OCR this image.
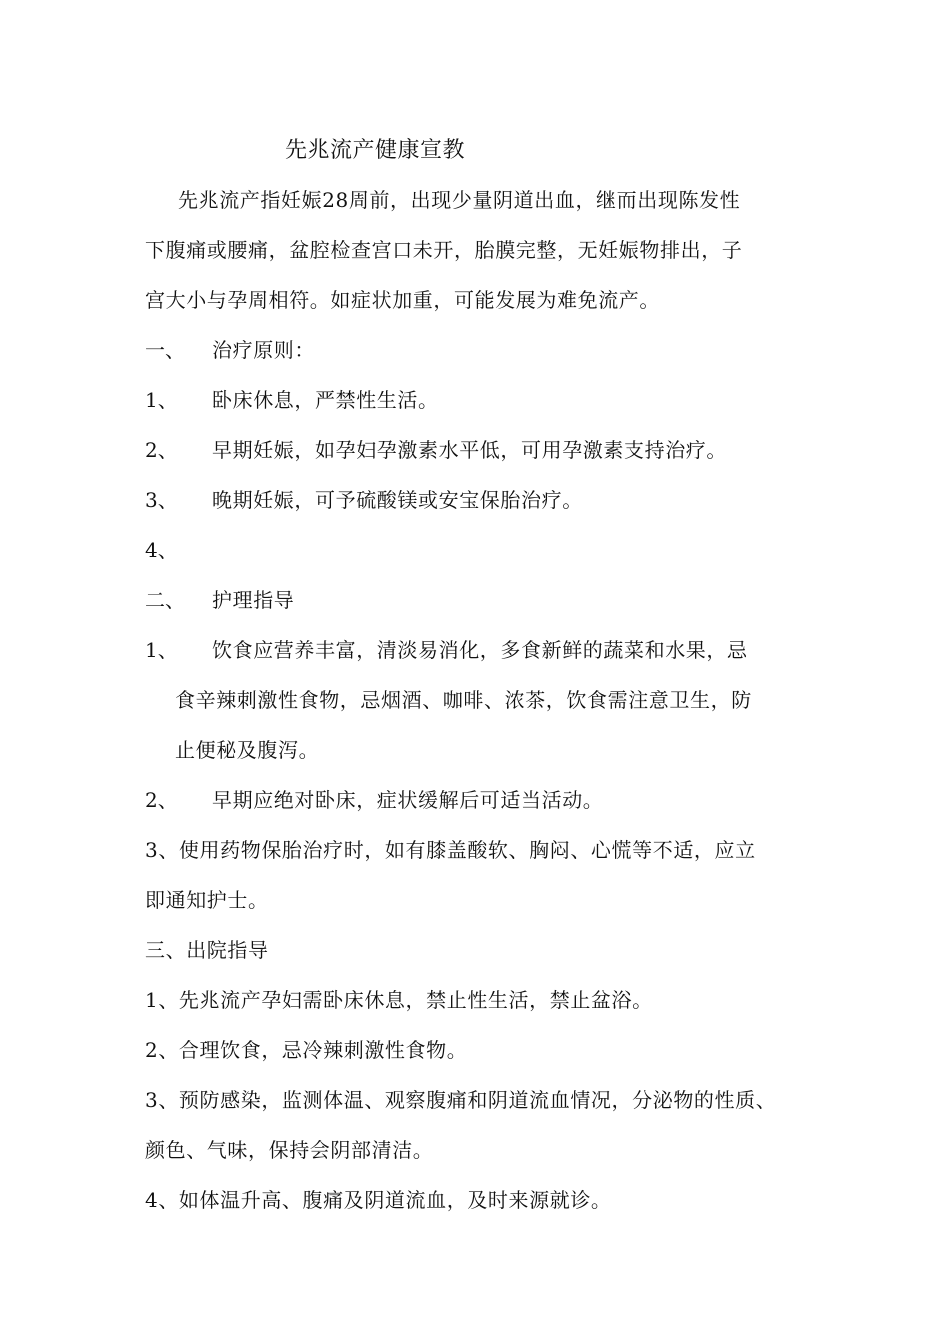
先兆流产健康宣教
先兆流产指妊娠28周前，出现少量阴道出血，继而出现陈发性
下腹痛或腰痛，盆腔检查宫口未开，胎膜完整，无妊娠物排出，子
宫大小与孕周相符。如症状加重，可能发展为难免流产。
一、 治疗原则：
1、 卧床休息，严禁性生活。
2、 早期妊娠，如孕妇孕激素水平低，可用孕激素支持治疗。
3、 晚期妊娠，可予硫酸镁或安宝保胎治疗。
4、
二、 护理指导
1、 饮食应营养丰富，清淡易消化，多食新鲜的蔬菜和水果，忌
食辛辣刺激性食物，忌烟酒、咖啡、浓茶，饮食需注意卫生，防
止便秘及腹泻。
2、 早期应绝对卧床，症状缓解后可适当活动。
3、使用药物保胎治疗时，如有膝盖酸软、胸闷、心慌等不适，应立
即通知护士。
三、出院指导
1、先兆流产孕妇需卧床休息，禁止性生活，禁止盆浴。
2、合理饮食，忌冷辣刺激性食物。
3、预防感染，监测体温、观察腹痛和阴道流血情况，分泌物的性质、
颜色、气味，保持会阴部清洁。
4、如体温升高、腹痛及阴道流血，及时来源就诊。
